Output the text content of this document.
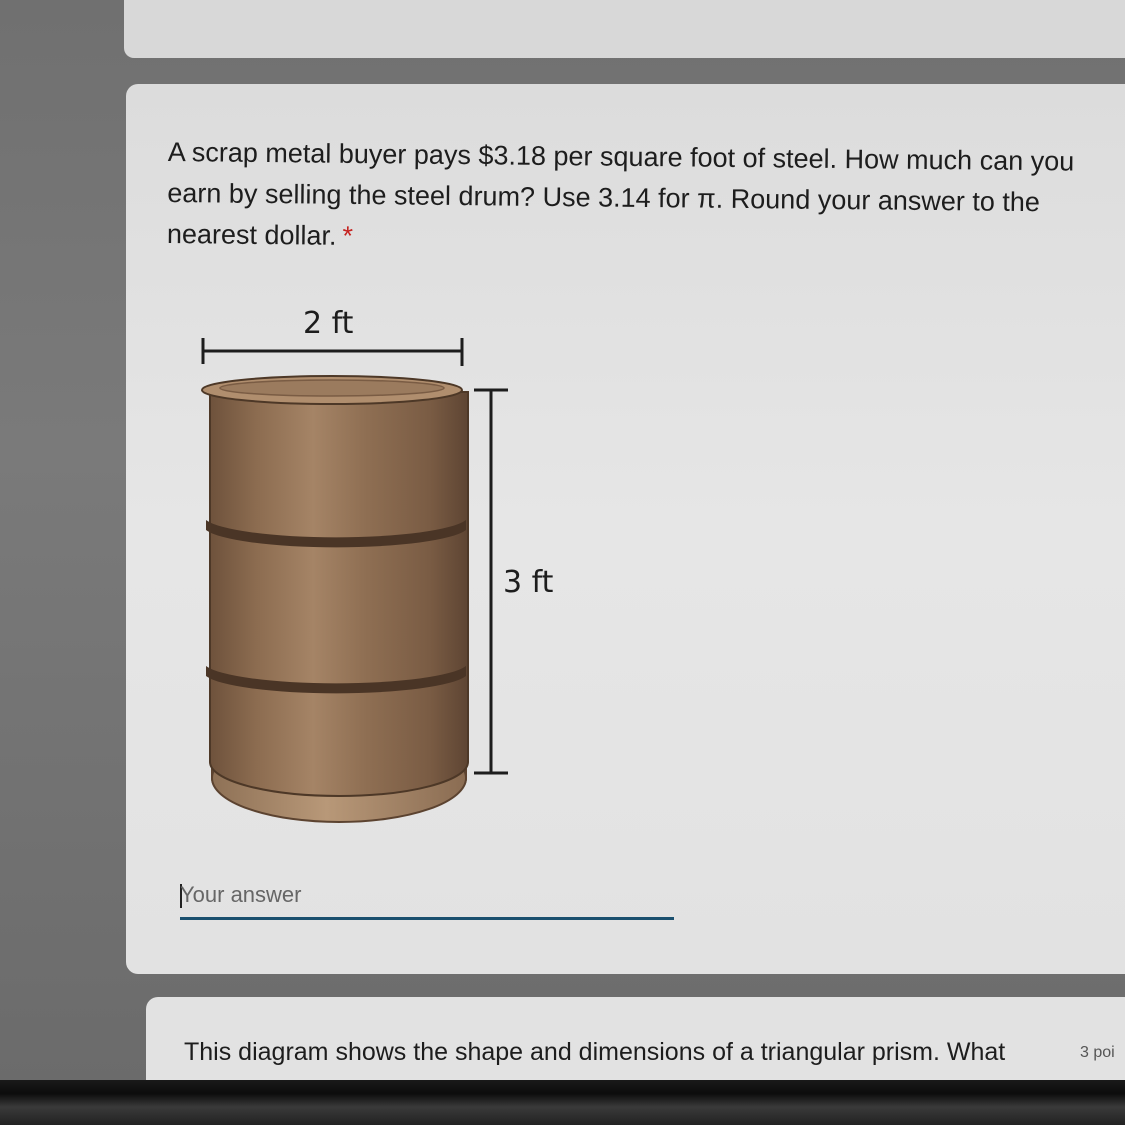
A scrap metal buyer pays $3.18 per square foot of steel. How much can you earn by selling the steel drum? Use 3.14 for π. Round your answer to the nearest dollar. *
2 ft
3 ft
Your answer
This diagram shows the shape and dimensions of a triangular prism. What	3 poi
